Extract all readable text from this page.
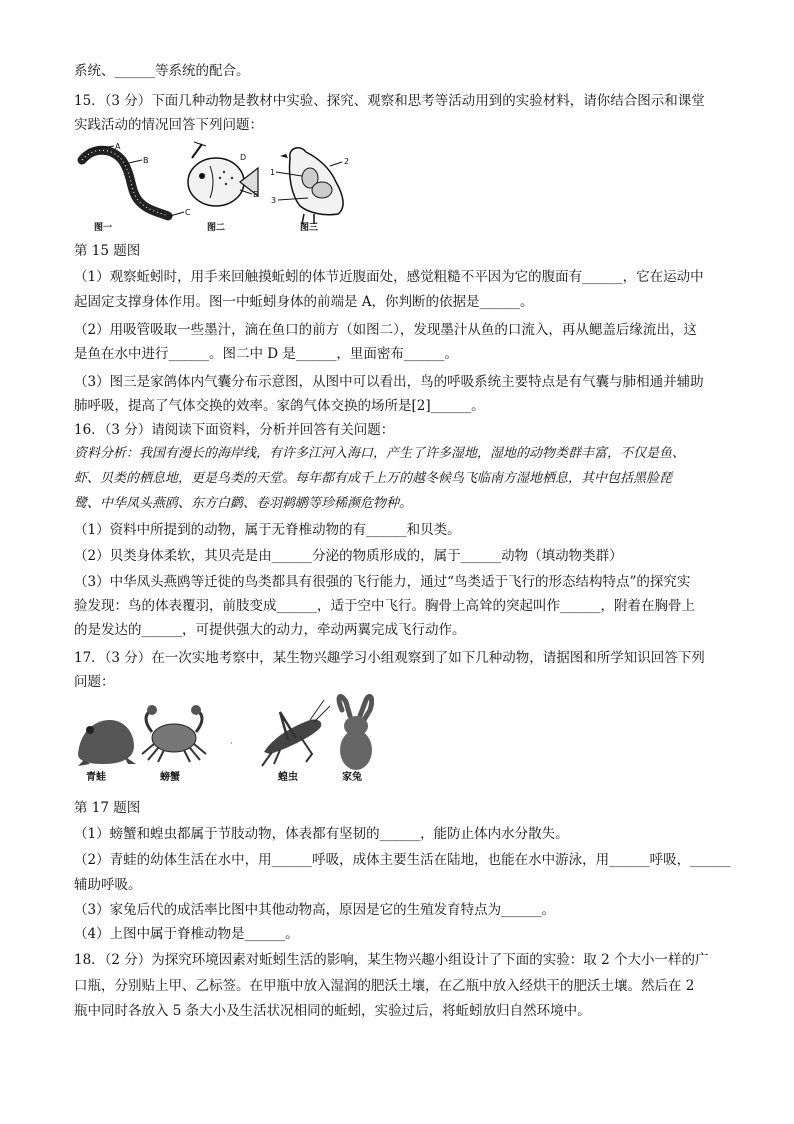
系统、______等系统的配合。
15．（3 分）下面几种动物是教材中实验、探究、观察和思考等活动用到的实验材料，请你结合图示和课堂
实践活动的情况回答下列问题：
A
B
C
图一
D
E
图二
1
2
3
图三
第 15 题图
（1）观察蚯蚓时，用手来回触摸蚯蚓的体节近腹面处，感觉粗糙不平因为它的腹面有______，它在运动中
起固定支撑身体作用。图一中蚯蚓身体的前端是 A，你判断的依据是______。
（2）用吸管吸取一些墨汁，滴在鱼口的前方（如图二），发现墨汁从鱼的口流入，再从鳃盖后缘流出，这
是鱼在水中进行______。图二中 D 是______，里面密布______。
（3）图三是家鸽体内气囊分布示意图，从图中可以看出，鸟的呼吸系统主要特点是有气囊与肺相通并辅助
肺呼吸，提高了气体交换的效率。家鸽气体交换的场所是[2]______。
16．（3 分）请阅读下面资料，分析并回答有关问题：
资料分析：我国有漫长的海岸线，有许多江河入海口，产生了许多湿地，湿地的动物类群丰富，不仅是鱼、
虾、贝类的栖息地，更是鸟类的天堂。每年都有成千上万的越冬候鸟飞临南方湿地栖息，其中包括黑脸琵
鹭、中华凤头燕鸥、东方白鹳、卷羽鹈鹕等珍稀濒危物种。
（1）资料中所提到的动物，属于无脊椎动物的有______和贝类。
（2）贝类身体柔软，其贝壳是由______分泌的物质形成的，属于______动物（填动物类群）
（3）中华凤头燕鸥等迁徙的鸟类都具有很强的飞行能力，通过“鸟类适于飞行的形态结构特点”的探究实
验发现：鸟的体表覆羽，前肢变成______，适于空中飞行。胸骨上高耸的突起叫作______，附着在胸骨上
的是发达的______，可提供强大的动力，牵动两翼完成飞行动作。
17．（3 分）在一次实地考察中，某生物兴趣学习小组观察到了如下几种动物，请据图和所学知识回答下列
问题：
青蛙	螃蟹
·
蝗虫	家兔
第 17 题图
（1）螃蟹和蝗虫都属于节肢动物，体表都有坚韧的______，能防止体内水分散失。
（2）青蛙的幼体生活在水中，用______呼吸，成体主要生活在陆地，也能在水中游泳，用______呼吸，______
辅助呼吸。
（3）家兔后代的成活率比图中其他动物高，原因是它的生殖发育特点为______。
（4）上图中属于脊椎动物是______。
18．（2 分）为探究环境因素对蚯蚓生活的影响，某生物兴趣小组设计了下面的实验：取 2 个大小一样的广
口瓶，分别贴上甲、乙标签。在甲瓶中放入湿润的肥沃土壤，在乙瓶中放入经烘干的肥沃土壤。然后在 2
瓶中同时各放入 5 条大小及生活状况相同的蚯蚓，实验过后，将蚯蚓放归自然环境中。
